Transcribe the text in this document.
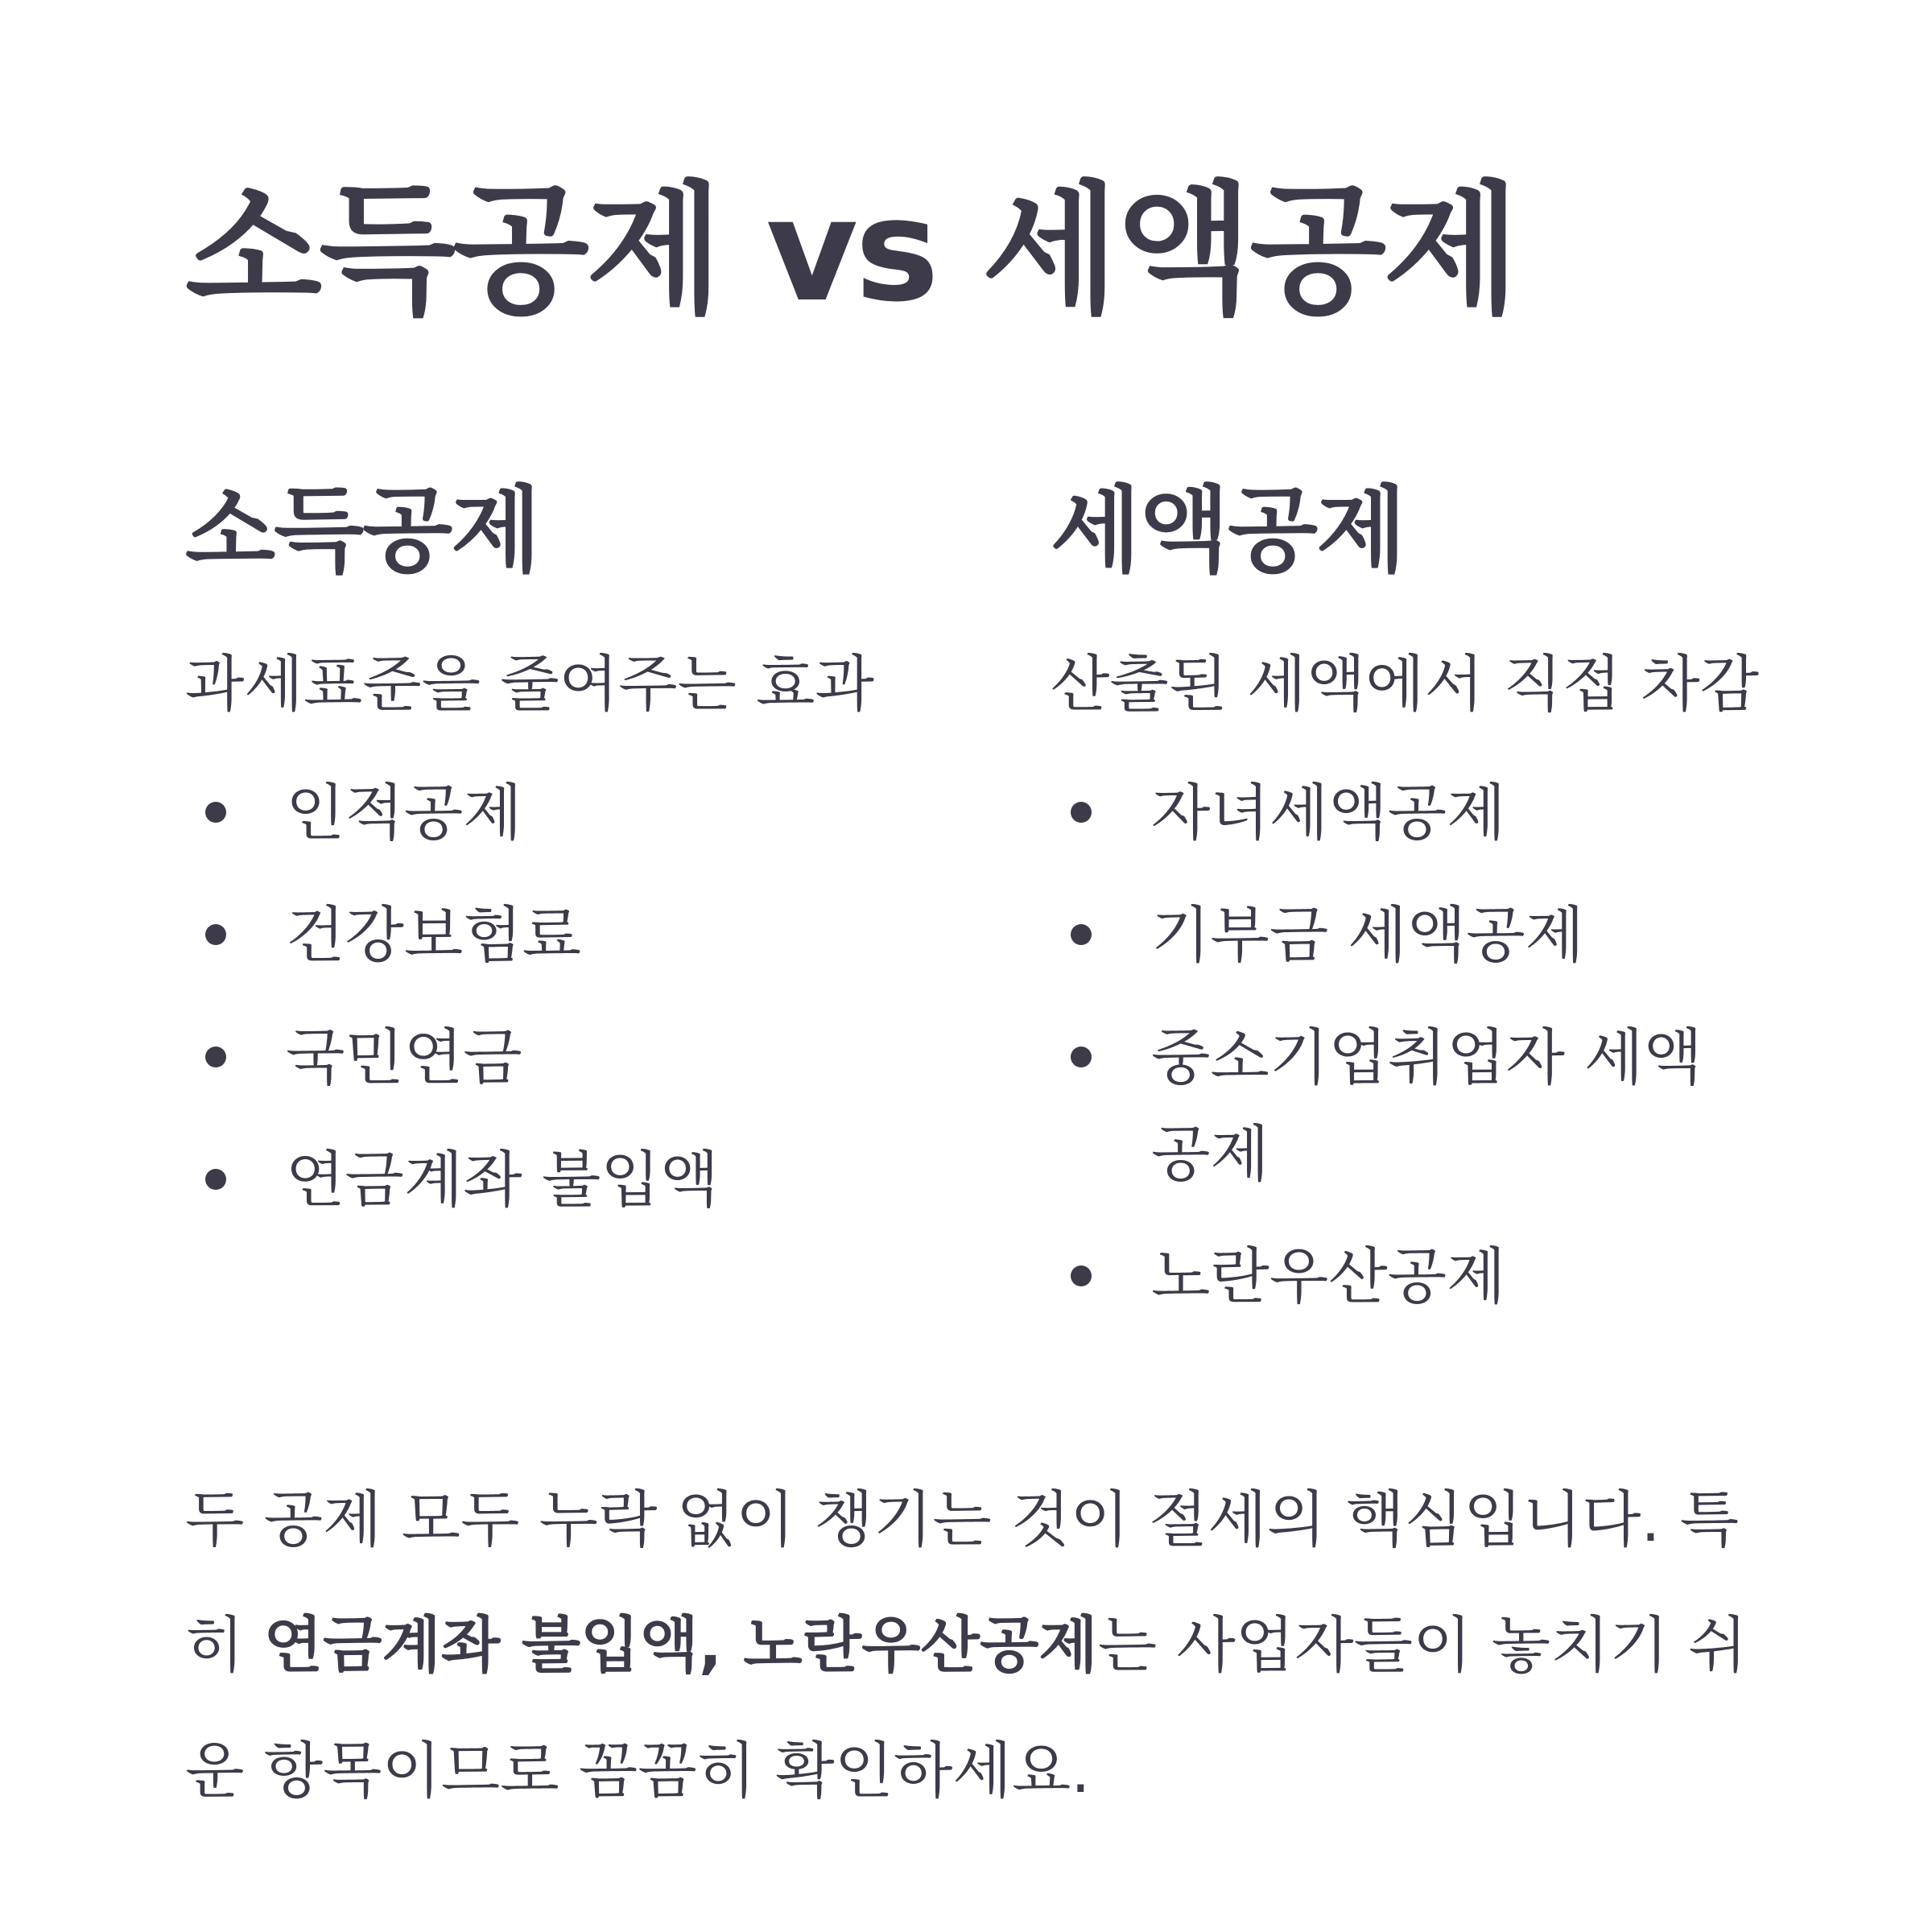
소득공제 vs 세액공제
소득공제

과세표준을 줄여주는 효과

인적공제
건강보험료
국민연금
연금계좌 불입액
세액공제

산출된 세액에서 직접 차감

자녀세액공제
기부금 세액공제
중소기업취업자 세액공제
노란우산공제

두 공제 모두 누락 없이 챙기는 것이 절세의 핵심입니다. 특히 연금계좌 불입액, 노란우산공제는 사업자들이 놓치기 쉬운 항목이므로 꼼꼼히 확인하세요.
